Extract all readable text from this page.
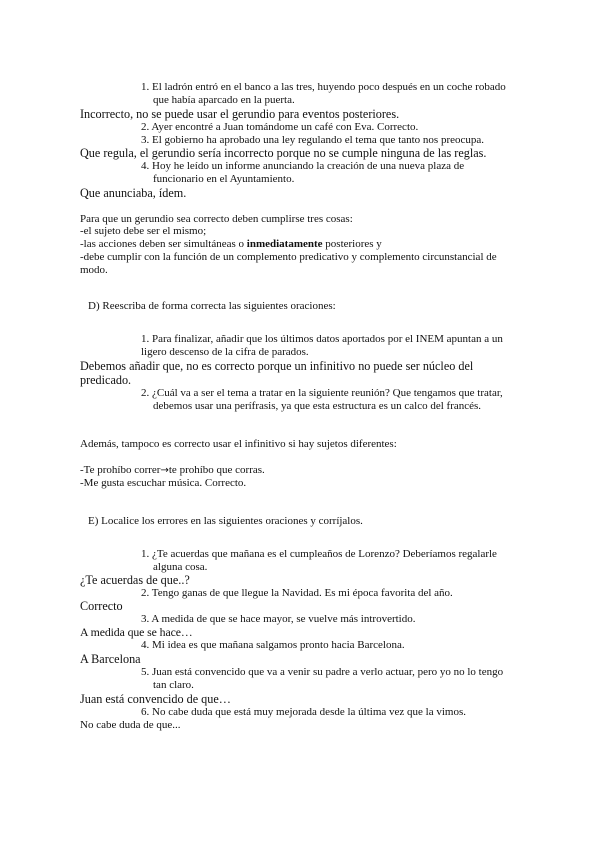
1. El ladrón entró en el banco a las tres, huyendo poco después en un coche robado
que había aparcado en la puerta.
Incorrecto, no se puede usar el gerundio para eventos posteriores.
2. Ayer encontré a Juan tomándome un café con Eva. Correcto.
3. El gobierno ha aprobado una ley regulando el tema que tanto nos preocupa.
Que regula, el gerundio sería incorrecto porque no se cumple ninguna de las reglas.
4. Hoy he leído un informe anunciando la creación de una nueva plaza de
funcionario en el Ayuntamiento.
Que anunciaba, ídem.
Para que un gerundio sea correcto deben cumplirse tres cosas:
-el sujeto debe ser el mismo;
-las acciones deben ser simultáneas o inmediatamente posteriores y
-debe cumplir con la función de un complemento predicativo y complemento circunstancial de
modo.
D) Reescriba de forma correcta las siguientes oraciones:
1. Para finalizar, añadir que los últimos datos aportados por el INEM apuntan a un
ligero descenso de la cifra de parados.
Debemos añadir que, no es correcto porque un infinitivo no puede ser núcleo del
predicado.
2. ¿Cuál va a ser el tema a tratar en la siguiente reunión? Que tengamos que tratar,
debemos usar una perífrasis, ya que esta estructura es un calco del francés.
Además, tampoco es correcto usar el infinitivo si hay sujetos diferentes:
-Te prohíbo correr→te prohíbo que corras.
-Me gusta escuchar música. Correcto.
E) Localice los errores en las siguientes oraciones y corríjalos.
1. ¿Te acuerdas que mañana es el cumpleaños de Lorenzo? Deberíamos regalarle
alguna cosa.
¿Te acuerdas de que..?
2. Tengo ganas de que llegue la Navidad. Es mi época favorita del año.
Correcto
3. A medida de que se hace mayor, se vuelve más introvertido.
A medida que se hace…
4. Mi idea es que mañana salgamos pronto hacia Barcelona.
A Barcelona
5. Juan está convencido que va a venir su padre a verlo actuar, pero yo no lo tengo
tan claro.
Juan está convencido de que…
6. No cabe duda que está muy mejorada desde la última vez que la vimos.
No cabe duda de que...
